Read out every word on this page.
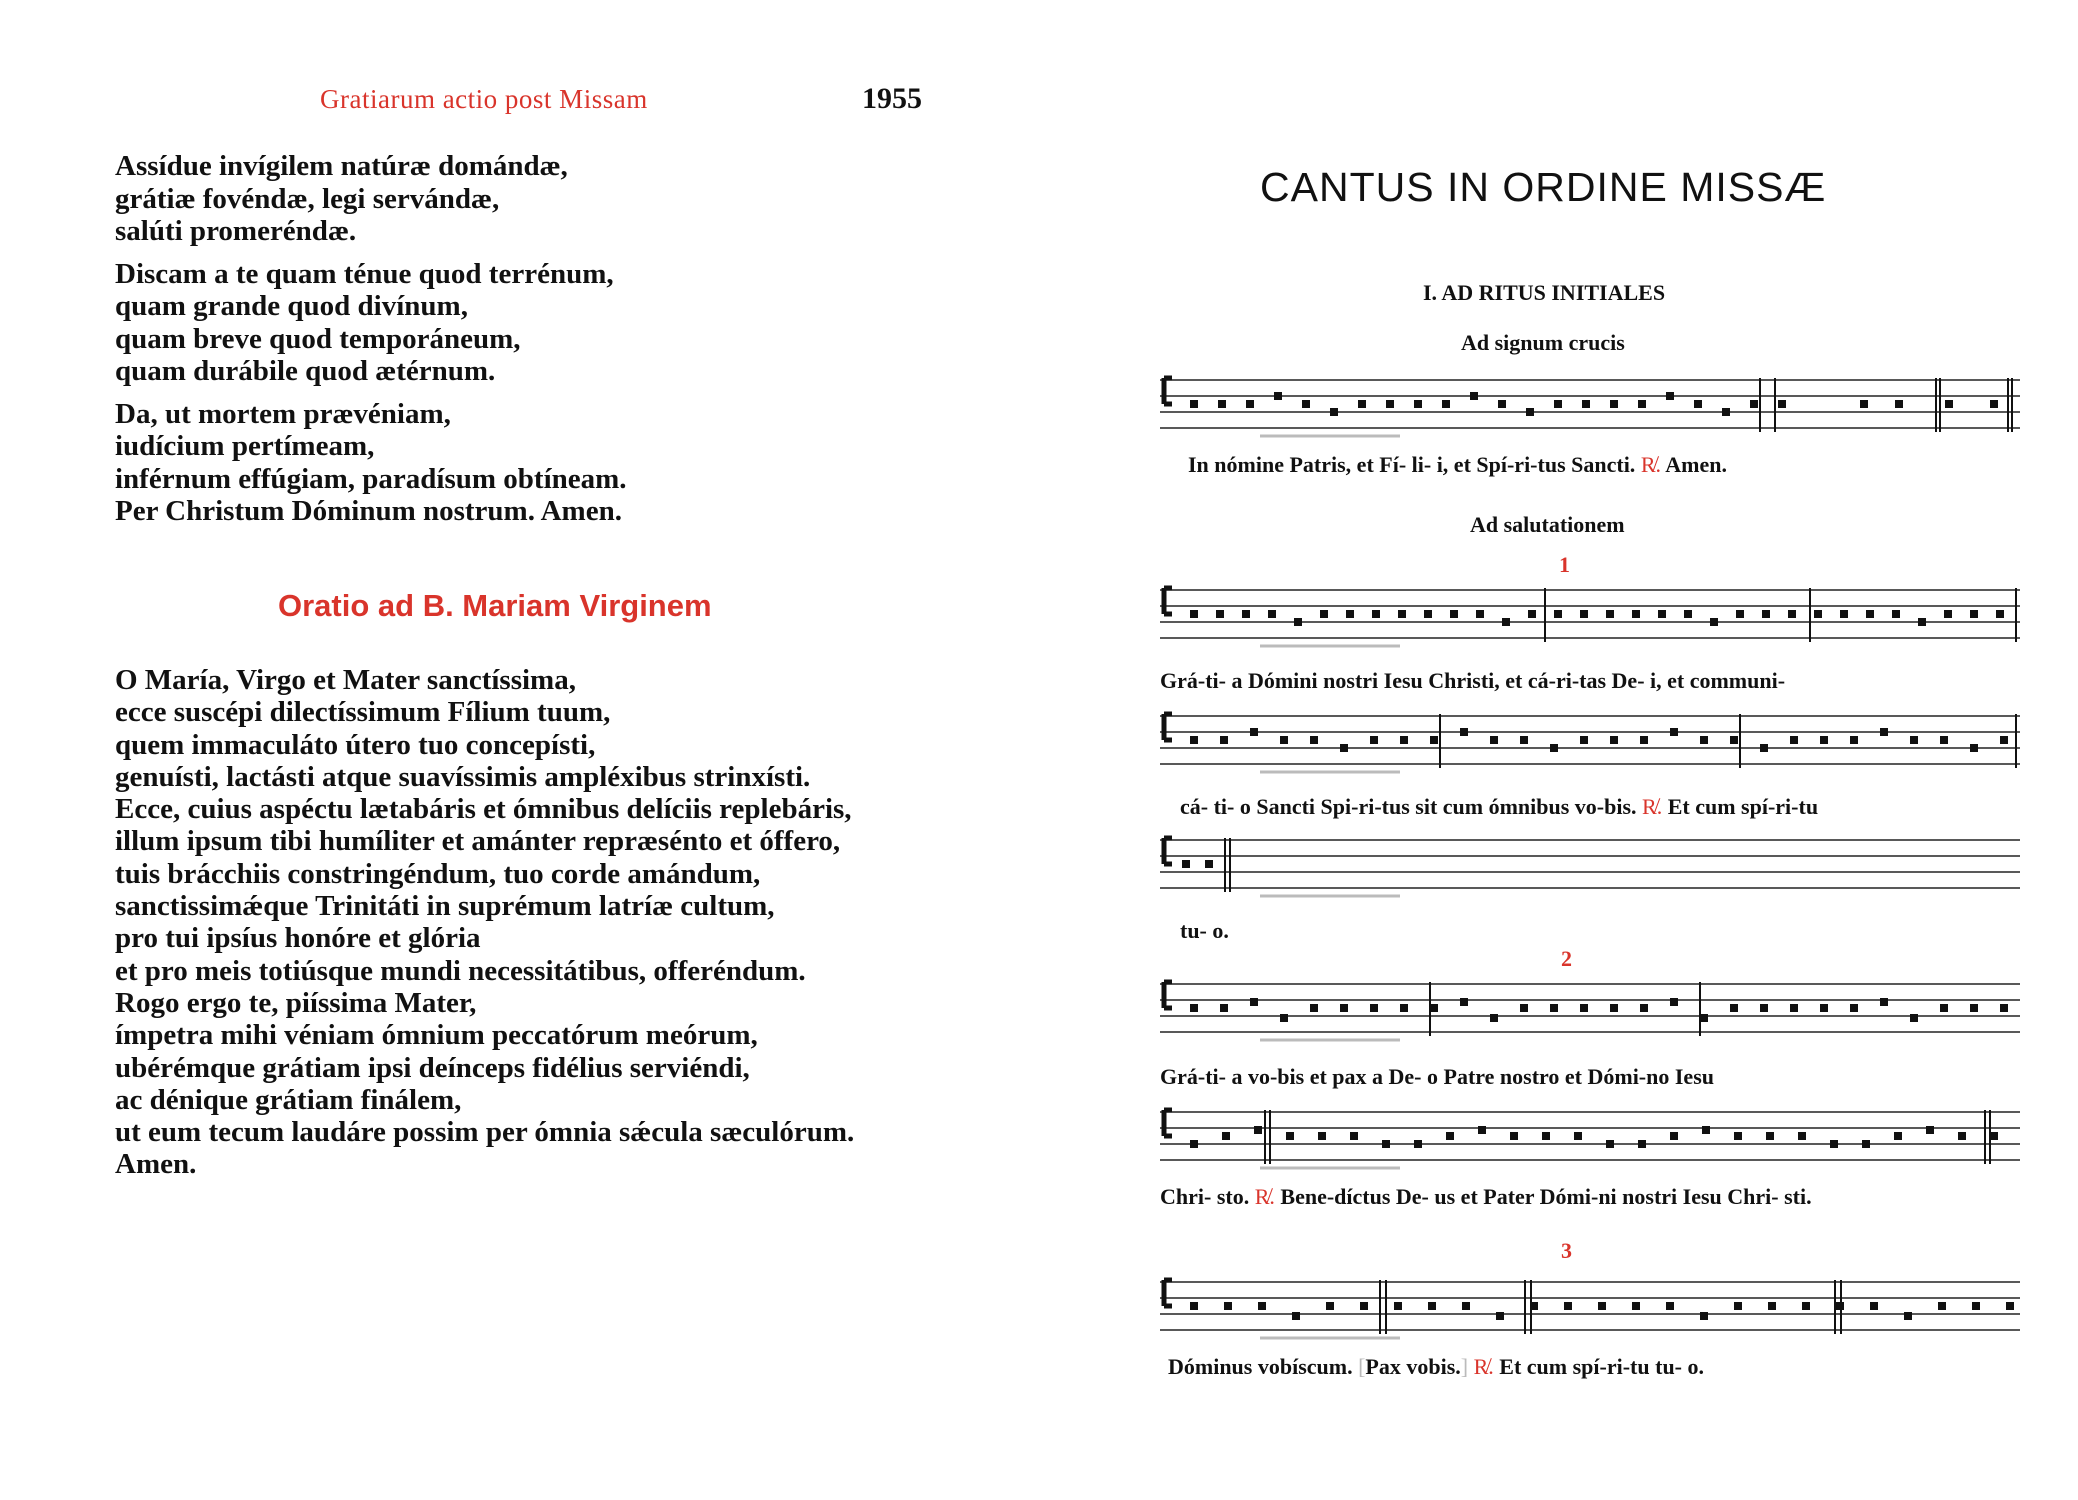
Gratiarum actio post Missam	1955
Assídue invígilem natúræ domándæ,
grátiæ fovéndæ, legi servándæ,
salúti promeréndæ.
Discam a te quam ténue quod terrénum,
quam grande quod divínum,
quam breve quod temporáneum,
quam durábile quod ætérnum.
Da, ut mortem prævéniam,
iudícium pertímeam,
inférnum effúgiam, paradísum obtíneam.
Per Christum Dóminum nostrum. Amen.
Oratio ad B. Mariam Virginem
O María, Virgo et Mater sanctíssima,
ecce suscépi dilectíssimum Fílium tuum,
quem immaculáto útero tuo concepísti,
genuísti, lactásti atque suavíssimis ampléxibus strinxísti.
Ecce, cuius aspéctu lætabáris et ómnibus delíciis replebáris,
illum ipsum tibi humíliter et amánter repræsénto et óffero,
tuis brácchiis constringéndum, tuo corde amándum,
sanctissimǽque Trinitáti in suprémum latríæ cultum,
pro tui ipsíus honóre et glória
et pro meis totiúsque mundi necessitátibus, offeréndum.
Rogo ergo te, piíssima Mater,
ímpetra mihi véniam ómnium peccatórum meórum,
ubérémque grátiam ipsi deínceps fidélius serviéndi,
ac dénique grátiam finálem,
ut eum tecum laudáre possim per ómnia sǽcula sæculórum.
Amen.
CANTUS IN ORDINE MISSÆ
I. AD RITUS INITIALES
Ad signum crucis
In nómine Patris, et Fí- li- i, et Spí-ri-tus Sancti. R̸. Amen.
Ad salutationem
1
Grá-ti- a Dómini nostri Iesu Christi, et cá-ri-tas De- i, et communi-
cá- ti- o Sancti Spi-ri-tus sit cum ómnibus vo-bis. R̸. Et cum spí-ri-tu
tu- o.
2
Grá-ti- a vo-bis et pax a De- o Patre nostro et Dómi-no Iesu
Chri- sto. R̸. Bene-díctus De- us et Pater Dómi-ni nostri Iesu Chri- sti.
3
Dóminus vobíscum. [Pax vobis.] R̸. Et cum spí-ri-tu tu- o.
